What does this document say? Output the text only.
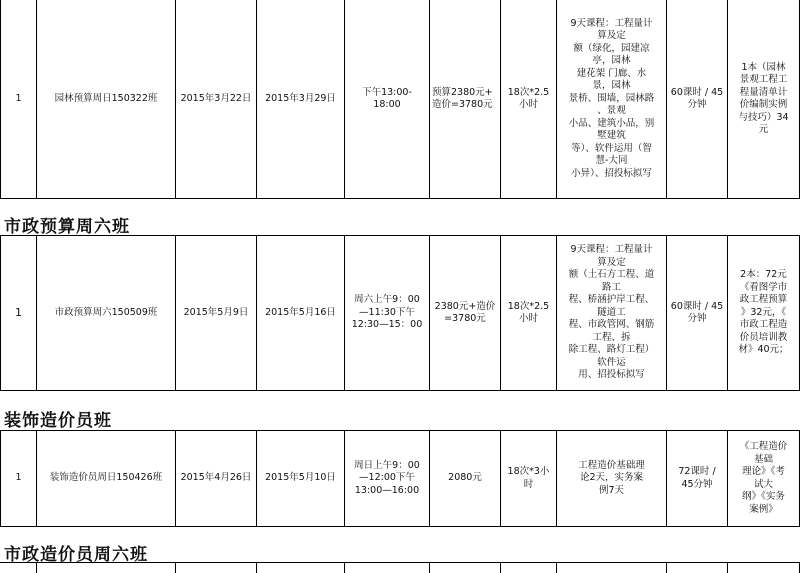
1	园林预算周日150322班	2015年3月22日	2015年3月29日	下午13:00-
18:00	预算2380元+
造价=3780元	18次*2.5
小时	9天课程：工程量计
算及定
额（绿化，园建凉
亭，园林
建花架 门廊、水
景，园林
景桥、围墙，园林路
、景观
小品、建筑小品，别
墅建筑
等）、软件运用（智
慧-大同
小异）、招投标拟写	60课时 / 45
分钟	1本（园林
景观工程工
程量清单计
价编制实例
与技巧）34
元
市政预算周六班
1	市政预算周六150509班	2015年5月9日	2015年5月16日	周六上午9：00
—11:30下午
12:30—15：00	2380元+造价
=3780元	18次*2.5
小时	9天课程：工程量计
算及定
额（土石方工程、道
路工
程、桥涵护岸工程、
隧道工
程、市政管网、钢筋
工程、拆
除工程、路灯工程）
软件运
用、招投标拟写	60课时 / 45
分钟	2本：72元
《看图学市
政工程预算
》32元，《
市政工程造
价员培训教
材》40元；
装饰造价员班
1	装饰造价员周日150426班	2015年4月26日	2015年5月10日	周日上午9：00
—12:00下午
13:00—16:00	2080元	18次*3小
时	工程造价基础理
论2天，实务案
例7天	72课时 /
45分钟	《工程造价
基础
理论》《考
试大
纲》《实务
案例》
市政造价员周六班
